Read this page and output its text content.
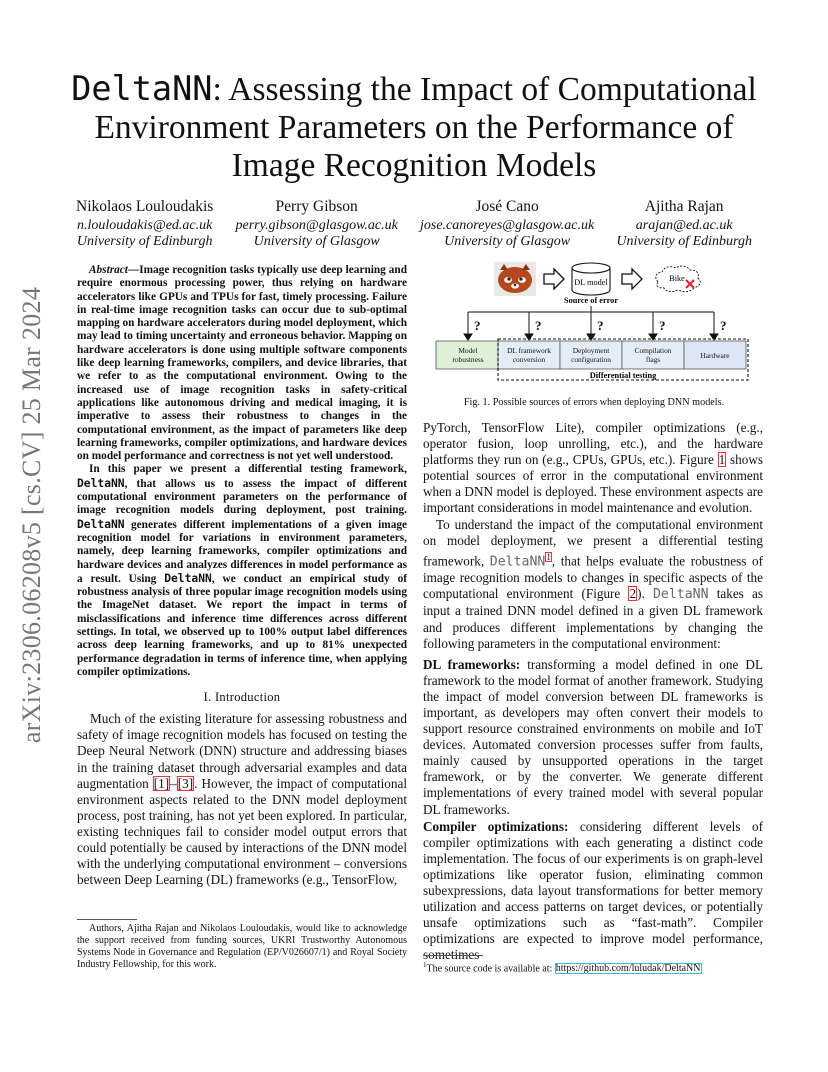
arXiv:2306.06208v5 [cs.CV] 25 Mar 2024
DeltaNN: Assessing the Impact of Computational Environment Parameters on the Performance of Image Recognition Models
Nikolaos Louloudakis
n.louloudakis@ed.ac.uk
University of Edinburgh
Perry Gibson
perry.gibson@glasgow.ac.uk
University of Glasgow
José Cano
jose.canoreyes@glasgow.ac.uk
University of Glasgow
Ajitha Rajan
arajan@ed.ac.uk
University of Edinburgh

Abstract—Image recognition tasks typically use deep learning and require enormous processing power, thus relying on hardware accelerators like GPUs and TPUs for fast, timely processing. Failure in real-time image recognition tasks can occur due to sub-optimal mapping on hardware accelerators during model deployment, which may lead to timing uncertainty and erroneous behavior. Mapping on hardware accelerators is done using multiple software components like deep learning frameworks, compilers, and device libraries, that we refer to as the computational environment. Owing to the increased use of image recognition tasks in safety-critical applications like autonomous driving and medical imaging, it is imperative to assess their robustness to changes in the computational environment, as the impact of parameters like deep learning frameworks, compiler optimizations, and hardware devices on model performance and correctness is not yet well understood.

In this paper we present a differential testing framework, DeltaNN, that allows us to assess the impact of different computational environment parameters on the performance of image recognition models during deployment, post training. DeltaNN generates different implementations of a given image recognition model for variations in environment parameters, namely, deep learning frameworks, compiler optimizations and hardware devices and analyzes differences in model performance as a result. Using DeltaNN, we conduct an empirical study of robustness analysis of three popular image recognition models using the ImageNet dataset. We report the impact in terms of misclassifications and inference time differences across different settings. In total, we observed up to 100% output label differences across deep learning frameworks, and up to 81% unexpected performance degradation in terms of inference time, when applying compiler optimizations.

I. Introduction

Much of the existing literature for assessing robustness and safety of image recognition models has focused on testing the Deep Neural Network (DNN) structure and addressing biases in the training dataset through adversarial examples and data augmentation [1]–[3]. However, the impact of computational environment aspects related to the DNN model deployment process, post training, has not yet been explored. In particular, existing techniques fail to consider model output errors that could potentially be caused by interactions of the DNN model with the underlying computational environment – conversions between Deep Learning (DL) frameworks (e.g., TensorFlow,

Authors, Ajitha Rajan and Nikolaos Louloudakis, would like to acknowledge the support received from funding sources, UKRI Trustworthy Autonomous Systems Node in Governance and Regulation (EP/V026607/1) and Royal Society Industry Fellowship, for this work.
DL model	Bike
Source of error
?	?	?	?	?
Model
robustness
DL framework
conversion
Deployment
configuration
Compilation
flags	Hardware
Differential testing
Fig. 1. Possible sources of errors when deploying DNN models.

PyTorch, TensorFlow Lite), compiler optimizations (e.g., operator fusion, loop unrolling, etc.), and the hardware platforms they run on (e.g., CPUs, GPUs, etc.). Figure 1 shows potential sources of error in the computational environment when a DNN model is deployed. These environment aspects are important considerations in model maintenance and evolution.

To understand the impact of the computational environment on model deployment, we present a differential testing framework, DeltaNN$^1$, that helps evaluate the robustness of image recognition models to changes in specific aspects of the computational environment (Figure 2). DeltaNN takes as input a trained DNN model defined in a given DL framework and produces different implementations by changing the following parameters in the computational environment:

DL frameworks: transforming a model defined in one DL framework to the model format of another framework. Studying the impact of model conversion between DL frameworks is important, as developers may often convert their models to support resource constrained environments on mobile and IoT devices. Automated conversion processes suffer from faults, mainly caused by unsupported operations in the target framework, or by the converter. We generate different implementations of every trained model with several popular DL frameworks.

Compiler optimizations: considering different levels of compiler optimizations with each generating a distinct code implementation. The focus of our experiments is on graph-level optimizations like operator fusion, eliminating common subexpressions, data layout transformations for better memory utilization and access patterns on target devices, or potentially unsafe optimizations such as “fast-math”. Compiler optimizations are expected to improve model performance, sometimes

$^1$The source code is available at: https://github.com/luludak/DeltaNN
